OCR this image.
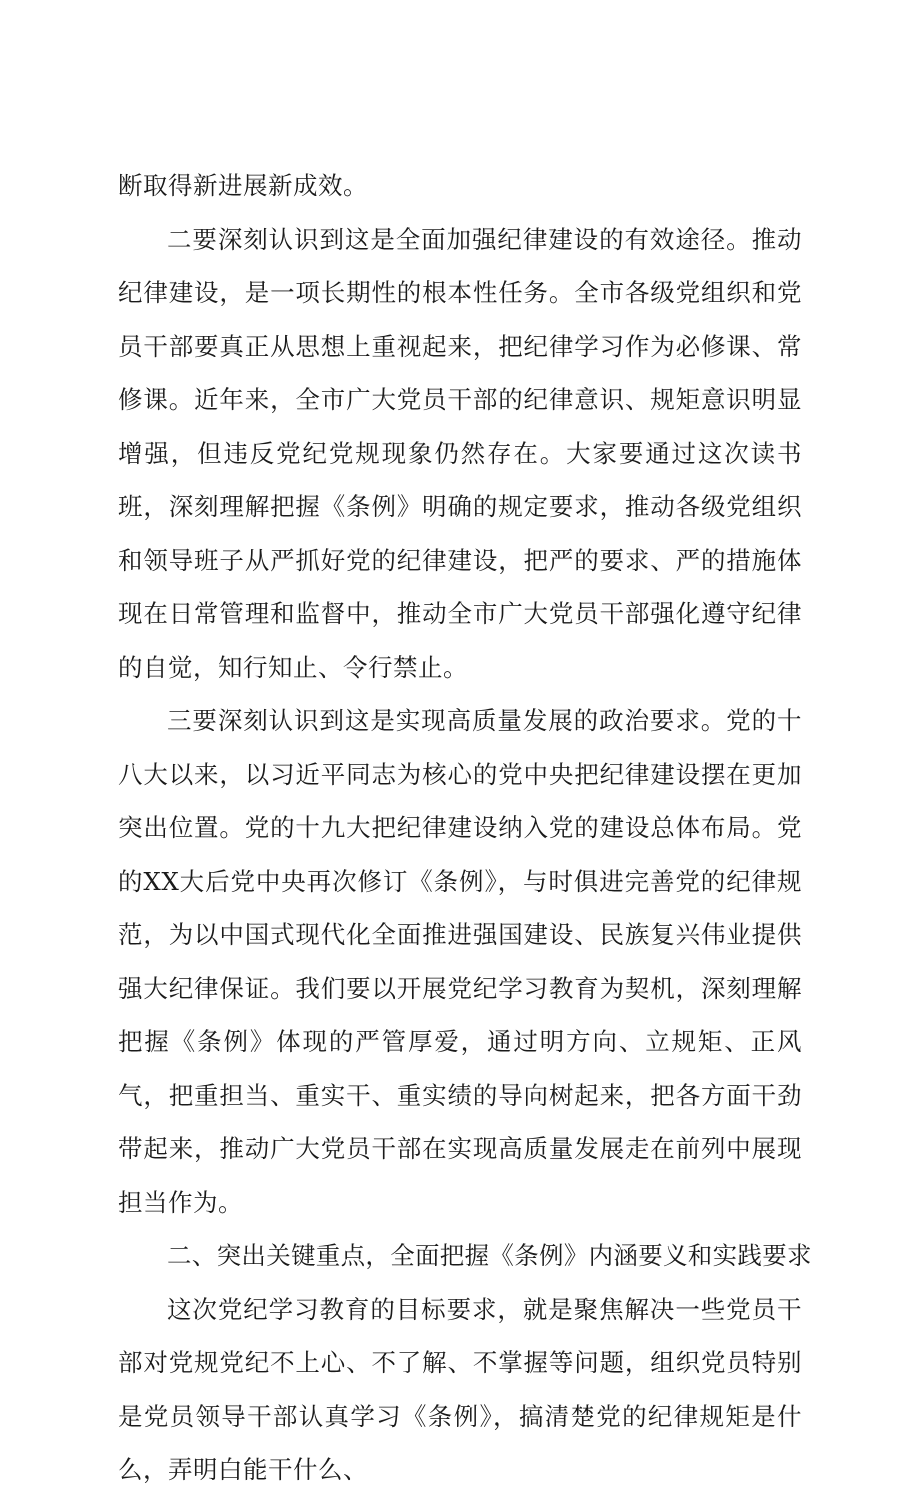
断取得新进展新成效。

二要深刻认识到这是全面加强纪律建设的有效途径。推动纪律建设，是一项长期性的根本性任务。全市各级党组织和党员干部要真正从思想上重视起来，把纪律学习作为必修课、常修课。近年来，全市广大党员干部的纪律意识、规矩意识明显增强，但违反党纪党规现象仍然存在。大家要通过这次读书班，深刻理解把握《条例》明确的规定要求，推动各级党组织和领导班子从严抓好党的纪律建设，把严的要求、严的措施体现在日常管理和监督中，推动全市广大党员干部强化遵守纪律的自觉，知行知止、令行禁止。

三要深刻认识到这是实现高质量发展的政治要求。党的十八大以来，以习近平同志为核心的党中央把纪律建设摆在更加突出位置。党的十九大把纪律建设纳入党的建设总体布局。党的XX大后党中央再次修订《条例》，与时俱进完善党的纪律规范，为以中国式现代化全面推进强国建设、民族复兴伟业提供强大纪律保证。我们要以开展党纪学习教育为契机，深刻理解把握《条例》体现的严管厚爱，通过明方向、立规矩、正风气，把重担当、重实干、重实绩的导向树起来，把各方面干劲带起来，推动广大党员干部在实现高质量发展走在前列中展现担当作为。

二、突出关键重点，全面把握《条例》内涵要义和实践要求

这次党纪学习教育的目标要求，就是聚焦解决一些党员干部对党规党纪不上心、不了解、不掌握等问题，组织党员特别是党员领导干部认真学习《条例》，搞清楚党的纪律规矩是什么，弄明白能干什么、
